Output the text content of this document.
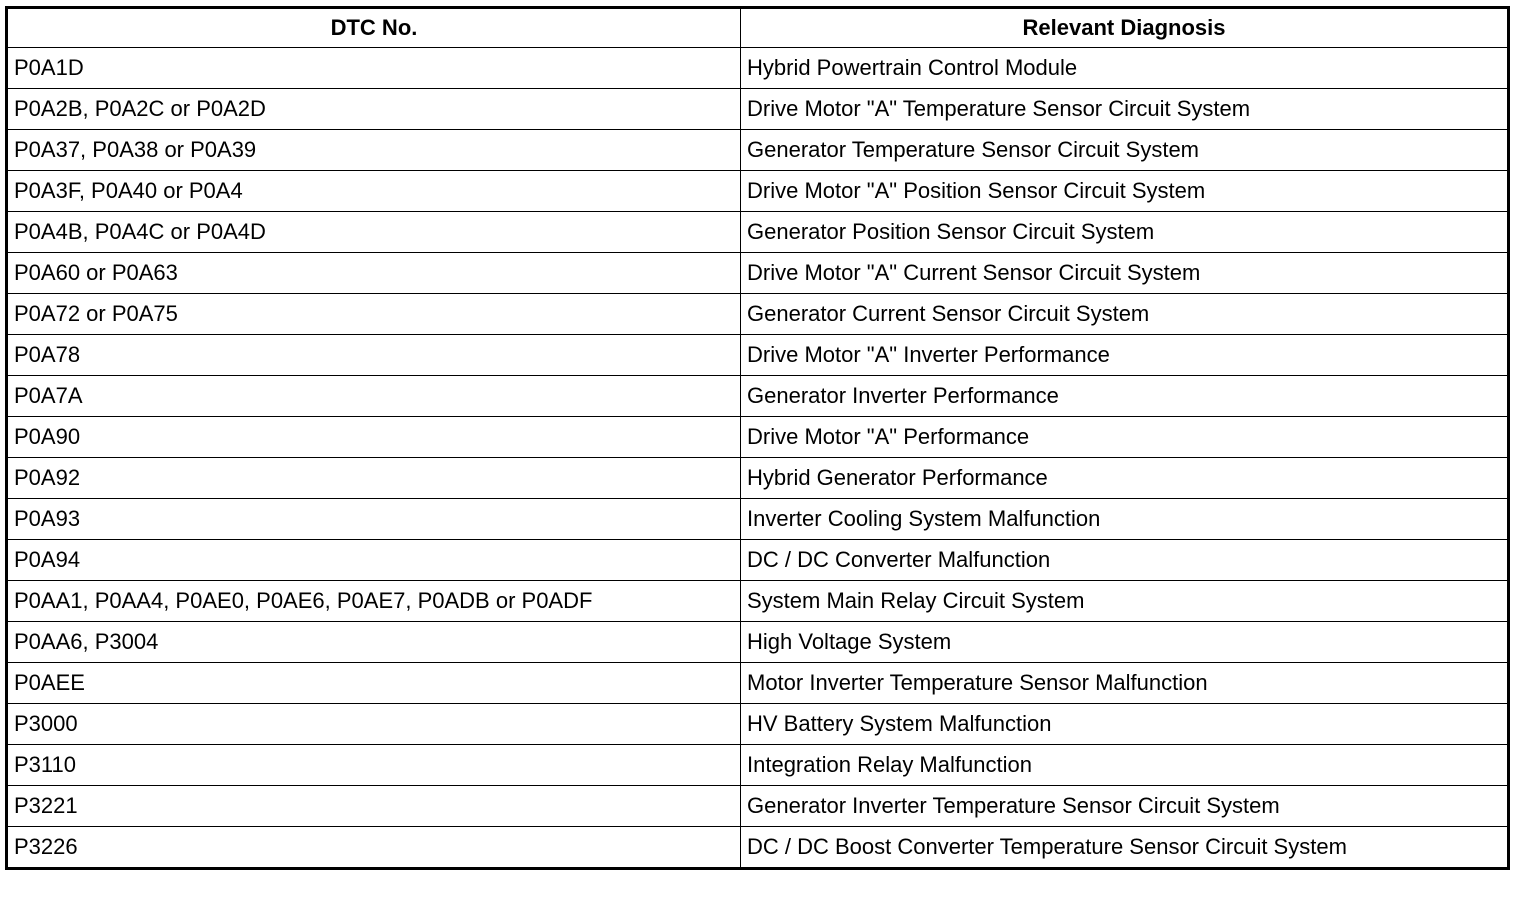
DTC No.	Relevant Diagnosis
P0A1D	Hybrid Powertrain Control Module
P0A2B, P0A2C or P0A2D	Drive Motor "A" Temperature Sensor Circuit System
P0A37, P0A38 or P0A39	Generator Temperature Sensor Circuit System
P0A3F, P0A40 or P0A4	Drive Motor "A" Position Sensor Circuit System
P0A4B, P0A4C or P0A4D	Generator Position Sensor Circuit System
P0A60 or P0A63	Drive Motor "A" Current Sensor Circuit System
P0A72 or P0A75	Generator Current Sensor Circuit System
P0A78	Drive Motor "A" Inverter Performance
P0A7A	Generator Inverter Performance
P0A90	Drive Motor "A" Performance
P0A92	Hybrid Generator Performance
P0A93	Inverter Cooling System Malfunction
P0A94	DC / DC Converter Malfunction
P0AA1, P0AA4, P0AE0, P0AE6, P0AE7, P0ADB or P0ADF	System Main Relay Circuit System
P0AA6, P3004	High Voltage System
P0AEE	Motor Inverter Temperature Sensor Malfunction
P3000	HV Battery System Malfunction
P3110	Integration Relay Malfunction
P3221	Generator Inverter Temperature Sensor Circuit System
P3226	DC / DC Boost Converter Temperature Sensor Circuit System
